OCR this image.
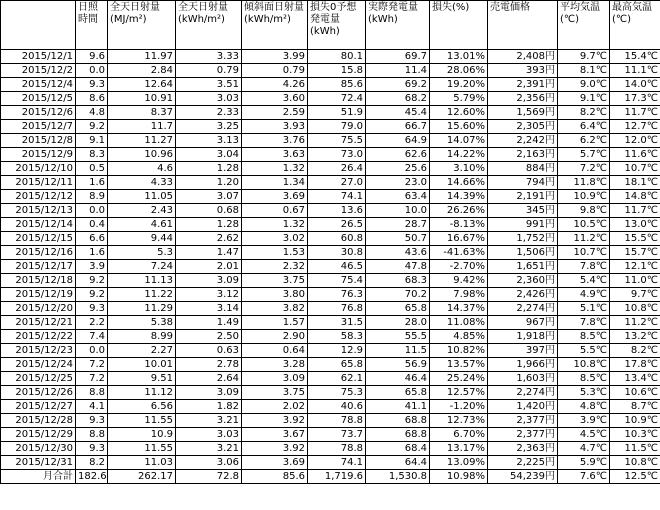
	日照時間	全天日射量(MJ/m²)	全天日射量(kWh/m²)	傾斜面日射量(kWh/m²)	損失0予想発電量(kWh)	実際発電量(kWh)	損失(%)	売電価格	平均気温(℃)	最高気温(℃)
2015/12/1	9.6	11.97	3.33	3.99	80.1	69.7	13.01%	2,408円	9.7℃	15.4℃
2015/12/2	0.0	2.84	0.79	0.79	15.8	11.4	28.06%	393円	8.1℃	11.1℃
2015/12/4	9.3	12.64	3.51	4.26	85.6	69.2	19.20%	2,391円	9.0℃	14.0℃
2015/12/5	8.6	10.91	3.03	3.60	72.4	68.2	5.79%	2,356円	9.1℃	17.3℃
2015/12/6	4.8	8.37	2.33	2.59	51.9	45.4	12.60%	1,569円	8.2℃	11.7℃
2015/12/7	9.2	11.7	3.25	3.93	79.0	66.7	15.60%	2,305円	6.4℃	12.7℃
2015/12/8	9.1	11.27	3.13	3.76	75.5	64.9	14.07%	2,242円	6.2℃	12.0℃
2015/12/9	8.3	10.96	3.04	3.63	73.0	62.6	14.22%	2,163円	5.7℃	11.6℃
2015/12/10	0.5	4.6	1.28	1.32	26.4	25.6	3.10%	884円	7.2℃	10.7℃
2015/12/11	1.6	4.33	1.20	1.34	27.0	23.0	14.66%	794円	11.8℃	18.1℃
2015/12/12	8.9	11.05	3.07	3.69	74.1	63.4	14.39%	2,191円	10.9℃	14.8℃
2015/12/13	0.0	2.43	0.68	0.67	13.6	10.0	26.26%	345円	9.8℃	11.7℃
2015/12/14	0.4	4.61	1.28	1.32	26.5	28.7	-8.13%	991円	10.5℃	13.0℃
2015/12/15	6.6	9.44	2.62	3.02	60.8	50.7	16.67%	1,752円	11.2℃	15.5℃
2015/12/16	1.6	5.3	1.47	1.53	30.8	43.6	-41.63%	1,506円	10.7℃	15.7℃
2015/12/17	3.9	7.24	2.01	2.32	46.5	47.8	-2.70%	1,651円	7.8℃	12.1℃
2015/12/18	9.2	11.13	3.09	3.75	75.4	68.3	9.42%	2,360円	5.4℃	11.0℃
2015/12/19	9.2	11.22	3.12	3.80	76.3	70.2	7.98%	2,426円	4.9℃	9.7℃
2015/12/20	9.3	11.29	3.14	3.82	76.8	65.8	14.37%	2,274円	5.1℃	10.8℃
2015/12/21	2.2	5.38	1.49	1.57	31.5	28.0	11.08%	967円	7.8℃	11.2℃
2015/12/22	7.4	8.99	2.50	2.90	58.3	55.5	4.85%	1,918円	8.5℃	13.2℃
2015/12/23	0.0	2.27	0.63	0.64	12.9	11.5	10.82%	397円	5.5℃	8.2℃
2015/12/24	7.2	10.01	2.78	3.28	65.8	56.9	13.57%	1,966円	10.8℃	17.8℃
2015/12/25	7.2	9.51	2.64	3.09	62.1	46.4	25.24%	1,603円	8.5℃	13.4℃
2015/12/26	8.8	11.12	3.09	3.75	75.3	65.8	12.57%	2,274円	5.3℃	10.6℃
2015/12/27	4.1	6.56	1.82	2.02	40.6	41.1	-1.20%	1,420円	4.8℃	8.7℃
2015/12/28	9.3	11.55	3.21	3.92	78.8	68.8	12.73%	2,377円	3.9℃	10.9℃
2015/12/29	8.8	10.9	3.03	3.67	73.7	68.8	6.70%	2,377円	4.5℃	10.3℃
2015/12/30	9.3	11.55	3.21	3.92	78.8	68.4	13.17%	2,363円	4.7℃	11.5℃
2015/12/31	8.2	11.03	3.06	3.69	74.1	64.4	13.09%	2,225円	5.9℃	10.8℃
月合計	182.6	262.17	72.8	85.6	1,719.6	1,530.8	10.98%	54,239円	7.6℃	12.5℃
